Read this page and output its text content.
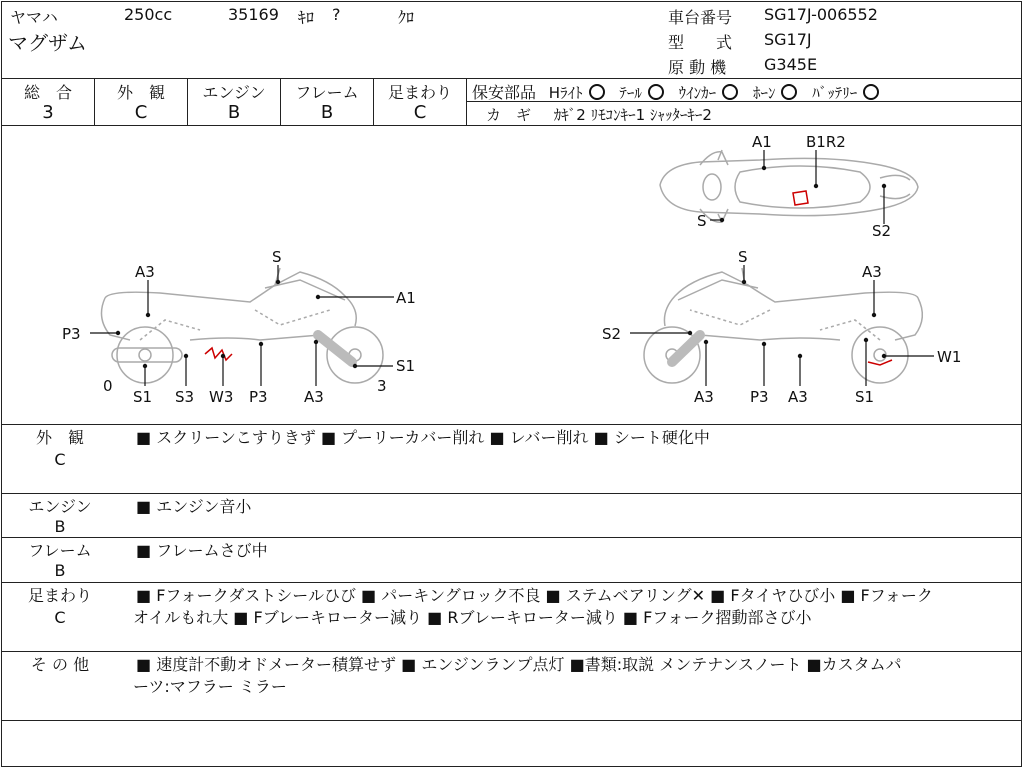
ヤマハ	250cc	35169 ｷﾛ ?	ｸﾛ
マグザム
車台番号 SG17J-006552
型　　式 SG17J
原 動 機 G345E
総　合
3
外　観
C
エンジン
B
フレーム
B
足まわり
C
保安部品 Hﾗｲﾄ ﾃｰﾙ ｳｲﾝｶｰ ﾎｰﾝ ﾊﾞｯﾃﾘｰ
カ　ギ ｶｷﾞ2 ﾘﾓｺﾝｷｰ1 ｼｬｯﾀｰｷｰ2
A1 B1R2
S
S2
S
A3
A1
P3
S1
0
S1 S3 W3 P3 A3
3
S
A3
S2
W1
A3 P3 A3	S1
外　観
C
■ スクリーンこすりきず ■ プーリーカバー削れ ■ レバー削れ ■ シート硬化中
エンジン
B
■ エンジン音小
フレーム
B
■ フレームさび中
足まわり
C
■ Fフォークダストシールひび ■ パーキングロック不良 ■ ステムベアリング✕ ■ Fタイヤひび小 ■ Fフォーク
オイルもれ大 ■ Fブレーキローター減り ■ Rブレーキローター減り ■ Fフォーク摺動部さび小
そ の 他	■ 速度計不動オドメーター積算せず ■ エンジンランプ点灯 ■書類:取説 メンテナンスノート ■カスタムパ
ーツ:マフラー ミラー
